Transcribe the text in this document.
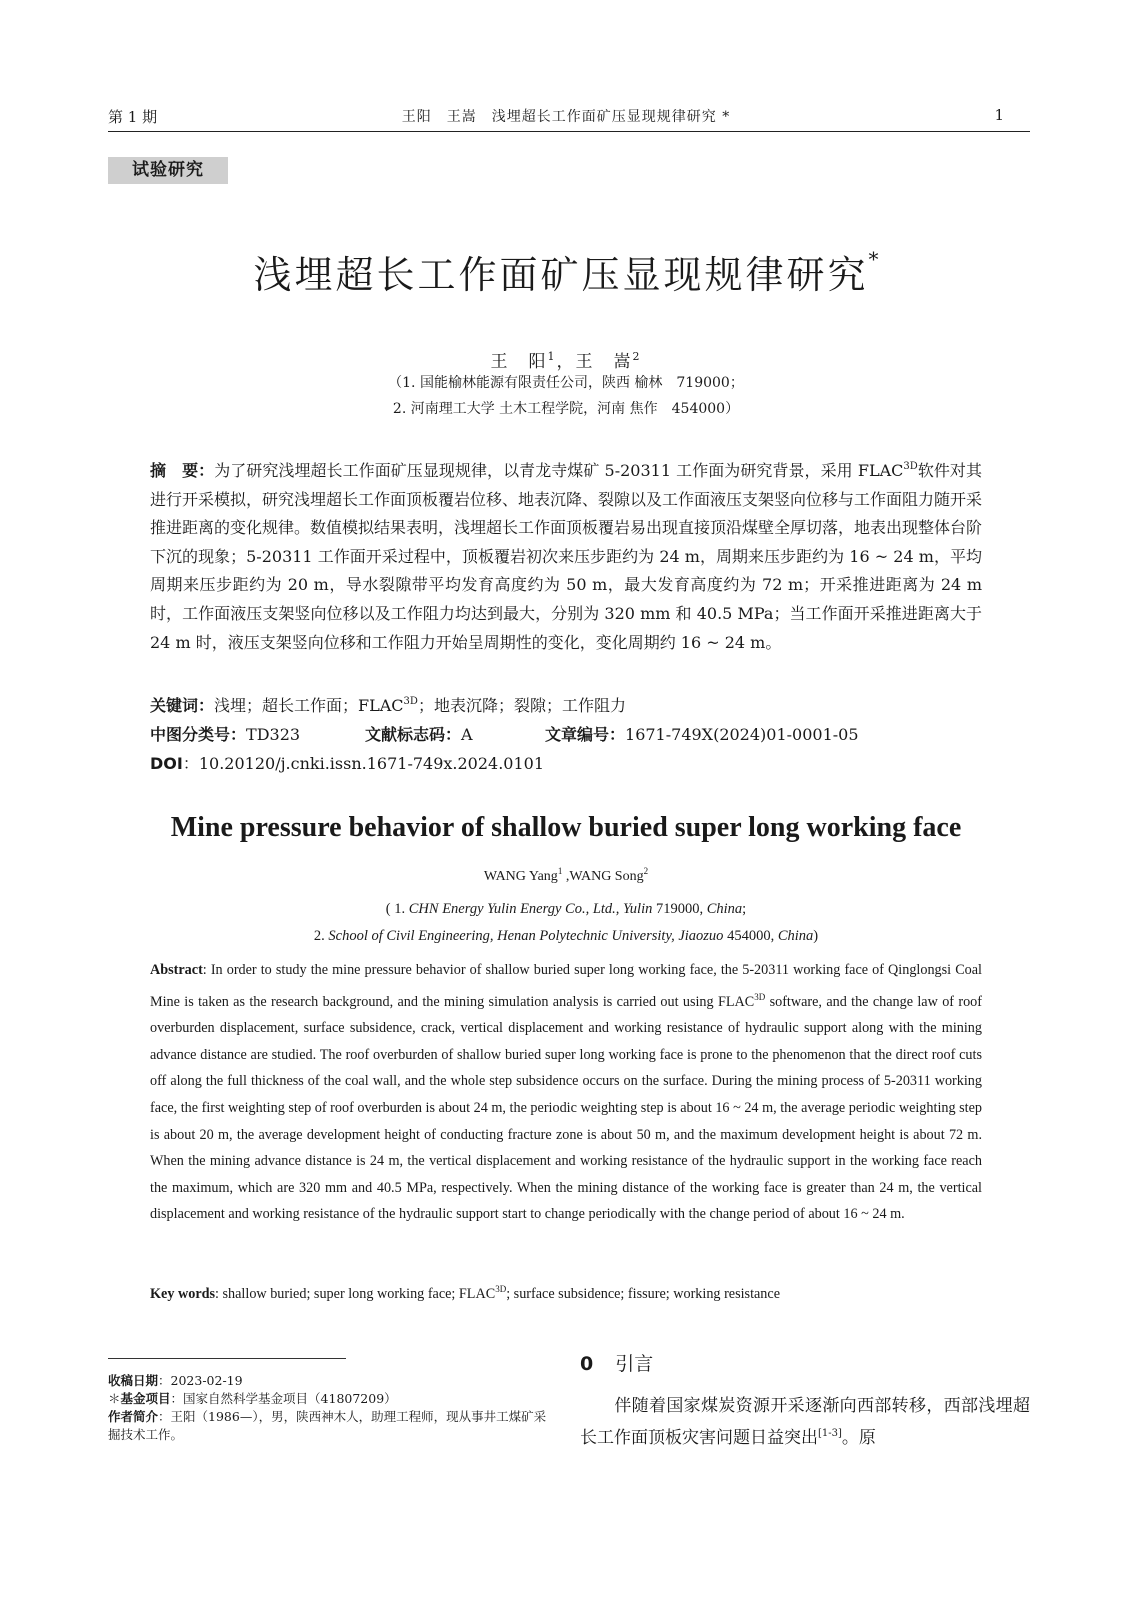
第 1 期	王阳　王嵩　浅埋超长工作面矿压显现规律研究 *	1
试验研究
浅埋超长工作面矿压显现规律研究*
王　阳$^1$，王　嵩$^2$
（1. 国能榆林能源有限责任公司，陕西 榆林　719000；
2. 河南理工大学 土木工程学院，河南 焦作　454000）
摘　要：为了研究浅埋超长工作面矿压显现规律，以青龙寺煤矿 5-20311 工作面为研究背景，采用 $FLAC^{3D}$软件对其进行开采模拟，研究浅埋超长工作面顶板覆岩位移、地表沉降、裂隙以及工作面液压支架竖向位移与工作面阻力随开采推进距离的变化规律。数值模拟结果表明，浅埋超长工作面顶板覆岩易出现直接顶沿煤壁全厚切落，地表出现整体台阶下沉的现象；5-20311 工作面开采过程中，顶板覆岩初次来压步距约为 24 m，周期来压步距约为 16 ~ 24 m，平均周期来压步距约为 20 m，导水裂隙带平均发育高度约为 50 m，最大发育高度约为 72 m；开采推进距离为 24 m 时，工作面液压支架竖向位移以及工作阻力均达到最大，分别为 320 mm 和 40.5 MPa；当工作面开采推进距离大于 24 m 时，液压支架竖向位移和工作阻力开始呈周期性的变化，变化周期约 16 ~ 24 m。
关键词：浅埋；超长工作面；$FLAC^{3D}$；地表沉降；裂隙；工作阻力
中图分类号：TD323	文献标志码：A	文章编号：1671-749X(2024)01-0001-05
DOI：10.20120/j.cnki.issn.1671-749x.2024.0101
Mine pressure behavior of shallow buried super long working face
WANG Yang$^1$ ,WANG Song$^2$
( 1. CHN Energy Yulin Energy Co., Ltd., Yulin 719000, China;
2. School of Civil Engineering, Henan Polytechnic University, Jiaozuo 454000, China)
Abstract: In order to study the mine pressure behavior of shallow buried super long working face, the 5-20311 working face of Qinglongsi Coal Mine is taken as the research background, and the mining simulation analysis is carried out using $FLAC^{3D}$ software, and the change law of roof overburden displacement, surface subsidence, crack, vertical displacement and working resistance of hydraulic support along with the mining advance distance are studied. The roof overburden of shallow buried super long working face is prone to the phenomenon that the direct roof cuts off along the full thickness of the coal wall, and the whole step subsidence occurs on the surface. During the mining process of 5-20311 working face, the first weighting step of roof overburden is about 24 m, the periodic weighting step is about 16 ~ 24 m, the average periodic weighting step is about 20 m, the average development height of conducting fracture zone is about 50 m, and the maximum development height is about 72 m. When the mining advance distance is 24 m, the vertical displacement and working resistance of the hydraulic support in the working face reach the maximum, which are 320 mm and 40.5 MPa, respectively. When the mining distance of the working face is greater than 24 m, the vertical displacement and working resistance of the hydraulic support start to change periodically with the change period of about 16 ~ 24 m.
Key words: shallow buried; super long working face; $FLAC^{3D}$; surface subsidence; fissure; working resistance
收稿日期：2023-02-19
＊基金项目：国家自然科学基金项目（41807209）
作者简介：王阳（1986—），男，陕西神木人，助理工程师，现从事井工煤矿采掘技术工作。
0 引言
伴随着国家煤炭资源开采逐渐向西部转移，西部浅埋超长工作面顶板灾害问题日益突出[1-3]。原
